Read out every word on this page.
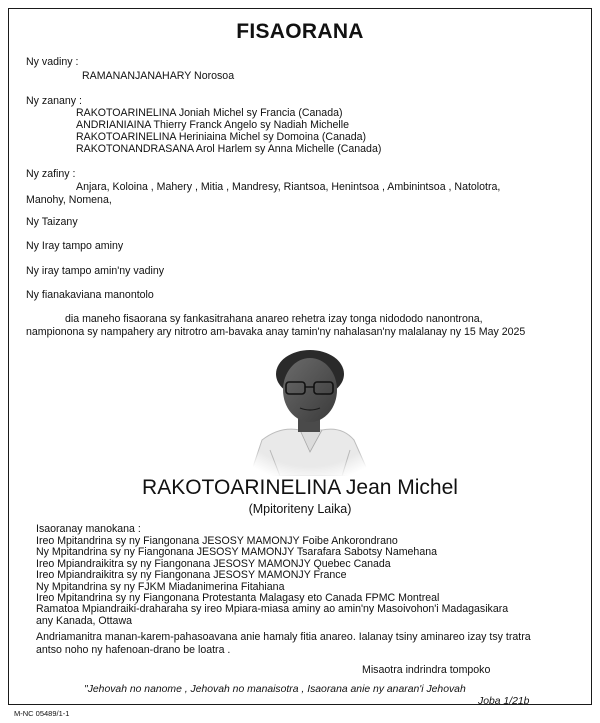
FISAORANA
Ny vadiny :
RAMANANJANAHARY Norosoa
Ny zanany :
RAKOTOARINELINA Joniah Michel sy Francia (Canada)
ANDRIANIAINA Thierry Franck Angelo sy Nadiah Michelle
RAKOTOARINELINA Heriniaina Michel sy Domoina (Canada)
RAKOTONANDRASANA Arol Harlem sy Anna Michelle (Canada)
Ny zafiny :
Anjara, Koloina , Mahery , Mitia , Mandresy, Riantsoa, Henintsoa , Ambinintsoa , Natolotra,
Manohy, Nomena,
Ny Taizany
Ny Iray tampo aminy
Ny iray tampo amin'ny vadiny
Ny fianakaviana manontolo
dia maneho fisaorana sy fankasitrahana anareo rehetra izay tonga nidododo nanontrona,
nampionona sy nampahery ary nitrotro am-bavaka anay tamin'ny nahalasan'ny malalanay ny 15 May 2025
RAKOTOARINELINA Jean Michel
(Mpitoriteny Laika)
Isaoranay manokana :
Ireo Mpitandrina sy ny Fiangonana JESOSY MAMONJY Foibe Ankorondrano
Ny Mpitandrina sy ny Fiangonana JESOSY MAMONJY Tsarafara Sabotsy Namehana
Ireo Mpiandraikitra sy ny Fiangonana JESOSY MAMONJY Quebec Canada
Ireo Mpiandraikitra sy ny Fiangonana JESOSY MAMONJY France
Ny Mpitandrina sy ny FJKM Miadanimerina Fitahiana
Ireo Mpitandrina sy ny Fiangonana Protestanta Malagasy eto Canada FPMC Montreal
Ramatoa Mpiandraiki-draharaha sy ireo Mpiara-miasa aminy ao amin'ny Masoivohon'i Madagasikara
any Kanada, Ottawa
Andriamanitra manan-karem-pahasoavana anie hamaly fitia anareo. Ialanay tsiny aminareo izay tsy tratra
antso noho ny hafenoan-drano be loatra .
Misaotra indrindra tompoko
"Jehovah no nanome , Jehovah no manaisotra , Isaorana anie ny anaran'i Jehovah
Joba 1/21b
M-NC 05489/1-1
